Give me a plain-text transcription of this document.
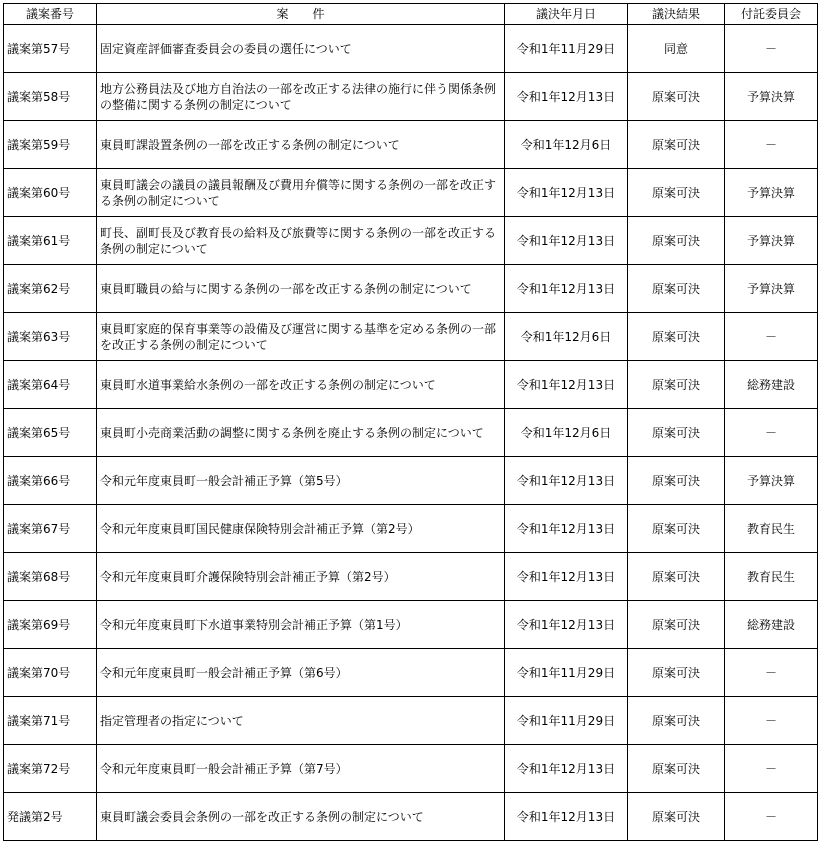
議案番号	案　　件	議決年月日	議決結果	付託委員会
議案第57号	固定資産評価審査委員会の委員の選任について	令和1年11月29日	同意	－
議案第58号	地方公務員法及び地方自治法の一部を改正する法律の施行に伴う関係条例の整備に関する条例の制定について	令和1年12月13日	原案可決	予算決算
議案第59号	東員町課設置条例の一部を改正する条例の制定について	令和1年12月6日	原案可決	－
議案第60号	東員町議会の議員の議員報酬及び費用弁償等に関する条例の一部を改正する条例の制定について	令和1年12月13日	原案可決	予算決算
議案第61号	町長、副町長及び教育長の給料及び旅費等に関する条例の一部を改正する条例の制定について	令和1年12月13日	原案可決	予算決算
議案第62号	東員町職員の給与に関する条例の一部を改正する条例の制定について	令和1年12月13日	原案可決	予算決算
議案第63号	東員町家庭的保育事業等の設備及び運営に関する基準を定める条例の一部を改正する条例の制定について	令和1年12月6日	原案可決	－
議案第64号	東員町水道事業給水条例の一部を改正する条例の制定について	令和1年12月13日	原案可決	総務建設
議案第65号	東員町小売商業活動の調整に関する条例を廃止する条例の制定について	令和1年12月6日	原案可決	－
議案第66号	令和元年度東員町一般会計補正予算（第5号）	令和1年12月13日	原案可決	予算決算
議案第67号	令和元年度東員町国民健康保険特別会計補正予算（第2号）	令和1年12月13日	原案可決	教育民生
議案第68号	令和元年度東員町介護保険特別会計補正予算（第2号）	令和1年12月13日	原案可決	教育民生
議案第69号	令和元年度東員町下水道事業特別会計補正予算（第1号）	令和1年12月13日	原案可決	総務建設
議案第70号	令和元年度東員町一般会計補正予算（第6号）	令和1年11月29日	原案可決	－
議案第71号	指定管理者の指定について	令和1年11月29日	原案可決	－
議案第72号	令和元年度東員町一般会計補正予算（第7号）	令和1年12月13日	原案可決	－
発議第2号	東員町議会委員会条例の一部を改正する条例の制定について	令和1年12月13日	原案可決	－
